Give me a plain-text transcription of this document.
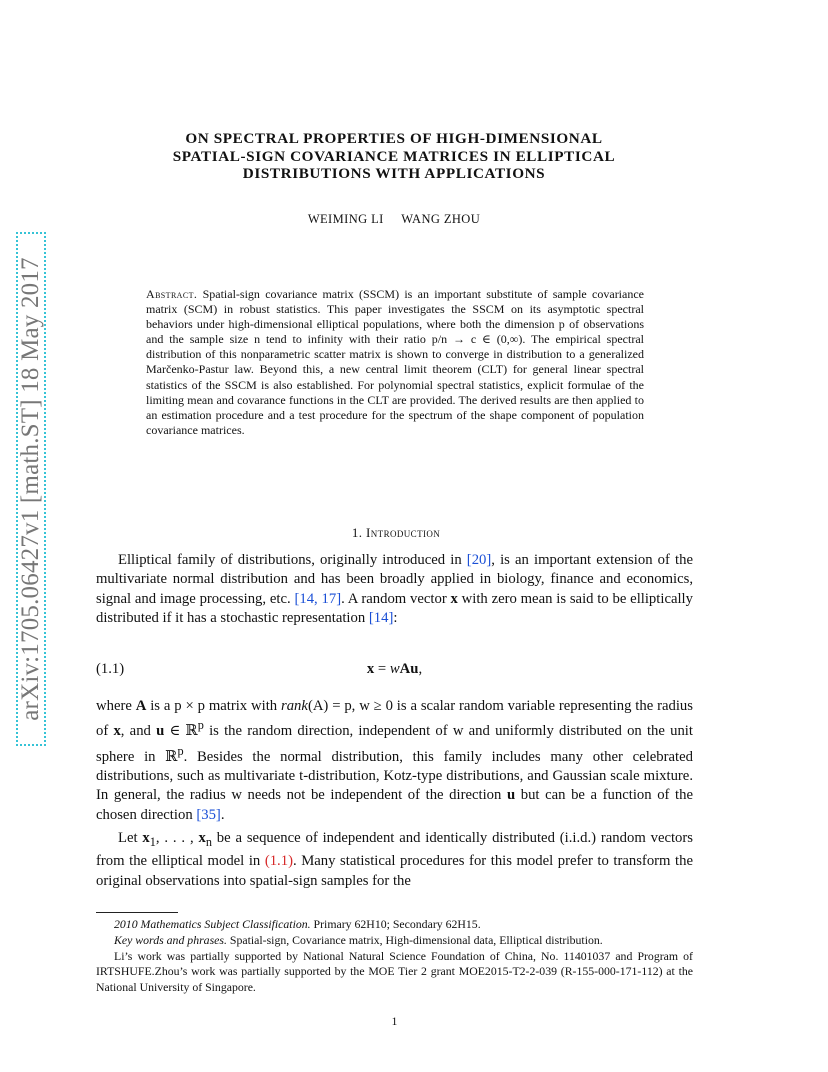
arXiv:1705.06427v1 [math.ST] 18 May 2017
ON SPECTRAL PROPERTIES OF HIGH-DIMENSIONAL
SPATIAL-SIGN COVARIANCE MATRICES IN ELLIPTICAL
DISTRIBUTIONS WITH APPLICATIONS
WEIMING LI WANG ZHOU
Abstract. Spatial-sign covariance matrix (SSCM) is an important substitute of sample covariance matrix (SCM) in robust statistics. This paper investigates the SSCM on its asymptotic spectral behaviors under high-dimensional elliptical populations, where both the dimension p of observations and the sample size n tend to infinity with their ratio p/n → c ∈ (0,∞). The empirical spectral distribution of this nonparametric scatter matrix is shown to converge in distribution to a generalized Marčenko-Pastur law. Beyond this, a new central limit theorem (CLT) for general linear spectral statistics of the SSCM is also established. For polynomial spectral statistics, explicit formulae of the limiting mean and covarance functions in the CLT are provided. The derived results are then applied to an estimation procedure and a test procedure for the spectrum of the shape component of population covariance matrices.
1. Introduction
Elliptical family of distributions, originally introduced in [20], is an important extension of the multivariate normal distribution and has been broadly applied in biology, finance and economics, signal and image processing, etc. [14, 17]. A random vector x with zero mean is said to be elliptically distributed if it has a stochastic representation [14]:
(1.1)	x = wAu,
where A is a p × p matrix with rank(A) = p, w ≥ 0 is a scalar random variable representing the radius of x, and u ∈ ℝ$^p$ is the random direction, independent of w and uniformly distributed on the unit sphere in ℝ$^p$. Besides the normal distribution, this family includes many other celebrated distributions, such as multivariate t-distribution, Kotz-type distributions, and Gaussian scale mixture. In general, the radius w needs not be independent of the direction u but can be a function of the chosen direction [35].
Let $x_1$, . . . , $x_n$ be a sequence of independent and identically distributed (i.i.d.) random vectors from the elliptical model in (1.1). Many statistical procedures for this model prefer to transform the original observations into spatial-sign samples for the

2010 Mathematics Subject Classification. Primary 62H10; Secondary 62H15.

Key words and phrases. Spatial-sign, Covariance matrix, High-dimensional data, Elliptical distribution.

Li’s work was partially supported by National Natural Science Foundation of China, No. 11401037 and Program of IRTSHUFE.Zhou’s work was partially supported by the MOE Tier 2 grant MOE2015-T2-2-039 (R-155-000-171-112) at the National University of Singapore.

1
